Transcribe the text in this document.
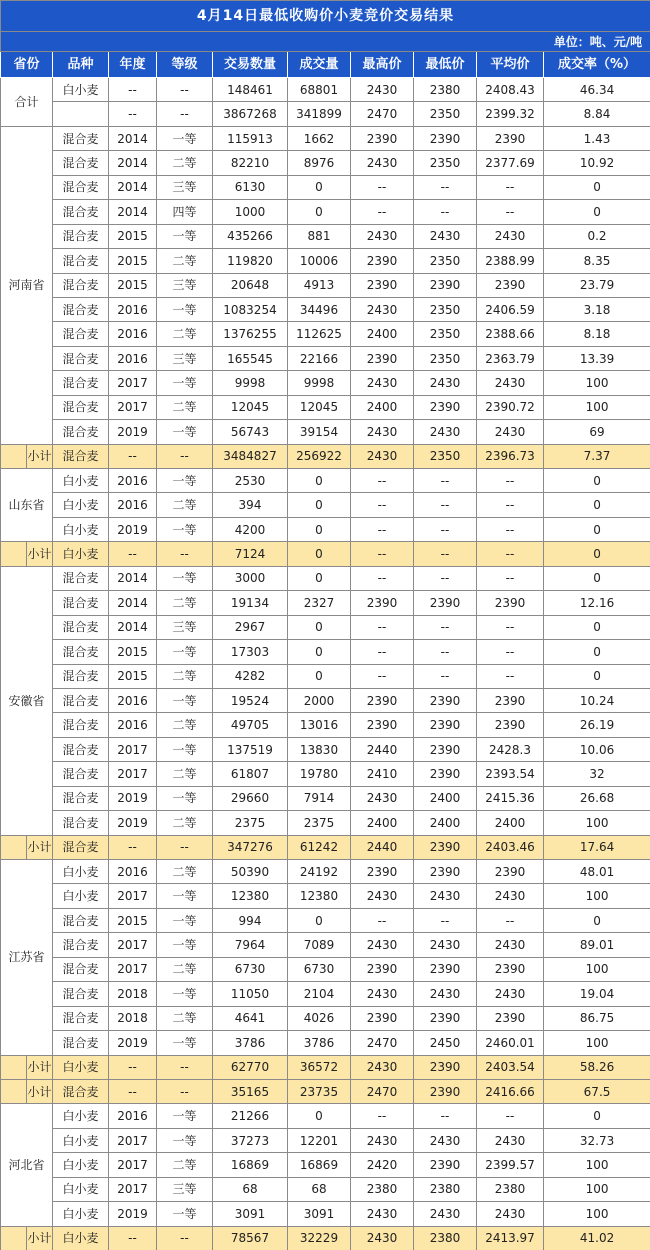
4月14日最低收购价小麦竞价交易结果										
单位：吨、元/吨										
省份		品种	年度	等级	交易数量	成交量	最高价	最低价	平均价	成交率（%）
合计		白小麦	--	--	148461	68801	2430	2380	2408.43	46.34
			--	--	3867268	341899	2470	2350	2399.32	8.84
河南省		混合麦	2014	一等	115913	1662	2390	2390	2390	1.43
		混合麦	2014	二等	82210	8976	2430	2350	2377.69	10.92
		混合麦	2014	三等	6130	0	--	--	--	0
		混合麦	2014	四等	1000	0	--	--	--	0
		混合麦	2015	一等	435266	881	2430	2430	2430	0.2
		混合麦	2015	二等	119820	10006	2390	2350	2388.99	8.35
		混合麦	2015	三等	20648	4913	2390	2390	2390	23.79
		混合麦	2016	一等	1083254	34496	2430	2350	2406.59	3.18
		混合麦	2016	二等	1376255	112625	2400	2350	2388.66	8.18
		混合麦	2016	三等	165545	22166	2390	2350	2363.79	13.39
		混合麦	2017	一等	9998	9998	2430	2430	2430	100
		混合麦	2017	二等	12045	12045	2400	2390	2390.72	100
		混合麦	2019	一等	56743	39154	2430	2430	2430	69
	小计	混合麦	--	--	3484827	256922	2430	2350	2396.73	7.37
山东省		白小麦	2016	一等	2530	0	--	--	--	0
		白小麦	2016	二等	394	0	--	--	--	0
		白小麦	2019	一等	4200	0	--	--	--	0
	小计	白小麦	--	--	7124	0	--	--	--	0
安徽省		混合麦	2014	一等	3000	0	--	--	--	0
		混合麦	2014	二等	19134	2327	2390	2390	2390	12.16
		混合麦	2014	三等	2967	0	--	--	--	0
		混合麦	2015	一等	17303	0	--	--	--	0
		混合麦	2015	二等	4282	0	--	--	--	0
		混合麦	2016	一等	19524	2000	2390	2390	2390	10.24
		混合麦	2016	二等	49705	13016	2390	2390	2390	26.19
		混合麦	2017	一等	137519	13830	2440	2390	2428.3	10.06
		混合麦	2017	二等	61807	19780	2410	2390	2393.54	32
		混合麦	2019	一等	29660	7914	2430	2400	2415.36	26.68
		混合麦	2019	二等	2375	2375	2400	2400	2400	100
	小计	混合麦	--	--	347276	61242	2440	2390	2403.46	17.64
江苏省		白小麦	2016	二等	50390	24192	2390	2390	2390	48.01
		白小麦	2017	一等	12380	12380	2430	2430	2430	100
		混合麦	2015	一等	994	0	--	--	--	0
		混合麦	2017	一等	7964	7089	2430	2430	2430	89.01
		混合麦	2017	二等	6730	6730	2390	2390	2390	100
		混合麦	2018	一等	11050	2104	2430	2430	2430	19.04
		混合麦	2018	二等	4641	4026	2390	2390	2390	86.75
		混合麦	2019	一等	3786	3786	2470	2450	2460.01	100
	小计	白小麦	--	--	62770	36572	2430	2390	2403.54	58.26
	小计	混合麦	--	--	35165	23735	2470	2390	2416.66	67.5
河北省		白小麦	2016	一等	21266	0	--	--	--	0
		白小麦	2017	一等	37273	12201	2430	2430	2430	32.73
		白小麦	2017	二等	16869	16869	2420	2390	2399.57	100
		白小麦	2017	三等	68	68	2380	2380	2380	100
		白小麦	2019	一等	3091	3091	2430	2430	2430	100
	小计	白小麦	--	--	78567	32229	2430	2380	2413.97	41.02
